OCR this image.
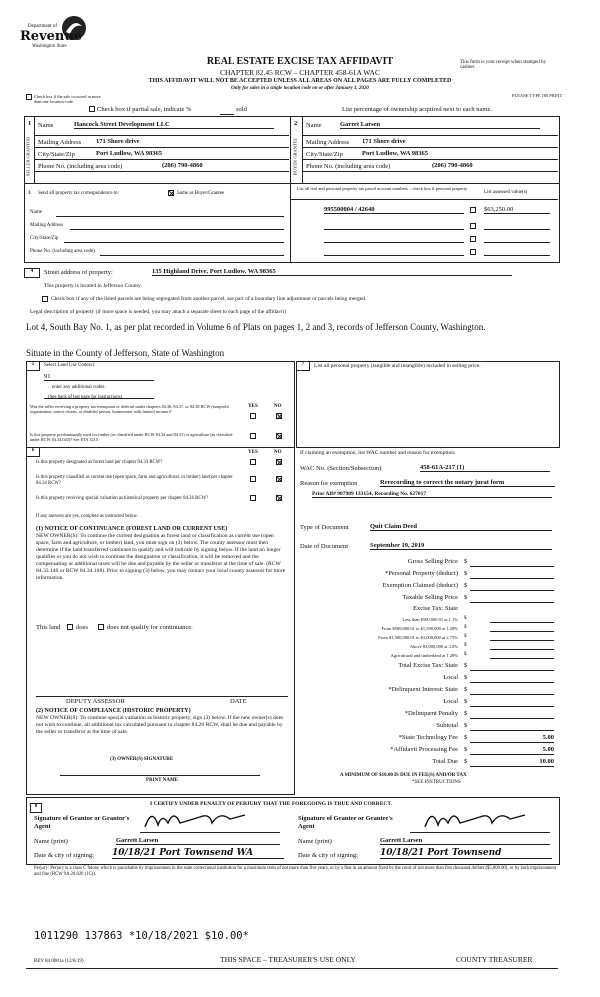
Department of
Revenue
Washington State
REAL ESTATE EXCISE TAX AFFIDAVIT
CHAPTER 82.45 RCW – CHAPTER 458-61A WAC
THIS AFFIDAVIT WILL NOT BE ACCEPTED UNLESS ALL AREAS ON ALL PAGES ARE FULLY COMPLETED
Only for sales in a single location code on or after January 1, 2020
This form is your receipt when stamped by cashier.
PLEASE TYPE OR PRINT
Check box if the sale occurred in more than one location code.
Check box if partial sale, indicate %	sold	List percentage of ownership acquired next to each name.
1	2
SELLER GRANTOR	BUYER GRANTEE
Name	Hancock Street Development LLC
Mailing Address 171 Shore drive
City/State/Zip	Port Ludlow, WA 98365
Phone No. (including area code)	(206) 790-4860
Name	Garret Larsen
Mailing Address 171 Shore drive
City/State/Zip	Port Ludlow, WA 98365
Phone No. (including area code)	(206) 790-4860
3 Send all property tax correspondence to:	Same as Buyer/Grantee
Name
Mailing Address
City/State/Zip
Phone No. (including area code)
List all real and personal property tax parcel account numbers – check box if personal property
List assessed value(s)
995500004 / 42640	$63,250.00
4	Street address of property:	135 Highland Drive, Port Ludlow, WA 98365
This property is located in Jefferson County
Check box if any of the listed parcels are being segregated from another parcel, are part of a boundary line adjustment or parcels being merged.
Legal description of property (if more space is needed, you may attach a separate sheet to each page of the affidavit)
Lot 4, South Bay No. 1, as per plat recorded in Volume 6 of Plats on pages 1, 2 and 3, records of Jefferson County, Washington.
Situate in the County of Jefferson, State of Washington
5	Select Land Use Code(s):
91
enter any additional codes:
(See back of last page for instructions)
YES	NO
Was the seller receiving a property tax exemption or deferral under chapters 84.36, 84.37, or 84.38 RCW (nonprofit organization, senior citizen, or disabled person, homeowner with limited income)?
Is this property predominantly used for timber (as classified under RCW 84.34 and 84.33) or agriculture (as classified under RCW 84.34.020)? See ETA 3215
6	YES	NO
Is this property designated as forest land per chapter 84.33 RCW?
Is this property classified as current use (open space, farm and agricultural, or timber) land per chapter 84.34 RCW?
Is this property receiving special valuation as historical property per chapter 84.26 RCW?
If any answers are yes, complete as instructed below.
(1) NOTICE OF CONTINUANCE (FOREST LAND OR CURRENT USE)
NEW OWNER(S): To continue the current designation as forest land or classification as current use (open space, farm and agriculture, or timber) land, you must sign on (3) below. The county assessor must then determine if the land transferred continues to qualify and will indicate by signing below. If the land no longer qualifies or you do not wish to continue the designation or classification, it will be removed and the compensating or additional taxes will be due and payable by the seller or transferor at the time of sale. (RCW 84.33.140 or RCW 84.34.108). Prior to signing (3) below, you may contact your local county assessor for more information.
This land does	does not qualify for continuance.
DEPUTY ASSESSOR	DATE
(2) NOTICE OF COMPLIANCE (HISTORIC PROPERTY)
NEW OWNER(S): To continue special valuation as historic property, sign (3) below. If the new owner(s) does not wish to continue, all additional tax calculated pursuant to chapter 84.26 RCW, shall be due and payable by the seller or transferor at the time of sale.
(3) OWNER(S) SIGNATURE
PRINT NAME
7	List all personal property (tangible and intangible) included in selling price.
If claiming an exemption, list WAC number and reason for exemption:
WAC No. (Section/Subsection)	458-61A-217 (1)
Reason for exemption	Rerecording to correct the notary jurat form
Prior Aff# 907909 133154, Recording No. 627017
Type of Document	Quit Claim Deed
Date of Document	September 19, 2019
Gross Selling Price $
*Personal Property (deduct) $
Exemption Claimed (deduct) $
Taxable Selling Price $
Excise Tax: State
Less than $500,000.01 at 1.1% $
From $500,000.01 to $1,500,000 at 1.28% $
From $1,500,000.01 to $3,000,000 at 2.75% $
Above $3,000,000 at 3.0% $
Agricultural and timberland at 1.28% $
Total Excise Tax: State $
Local $
*Delinquent Interest: State $
Local $
*Delinquent Penalty $
Subtotal $
*State Technology Fee $	5.00
*Affidavit Processing Fee $	5.00
Total Due $	10.00
A MINIMUM OF $10.00 IS DUE IN FEE(S) AND/OR TAX
*SEE INSTRUCTIONS
8	I CERTIFY UNDER PENALTY OF PERJURY THAT THE FOREGOING IS TRUE AND CORRECT.
Signature of Grantor or Grantor's Agent
Signature of Grantee or Grantee's Agent
Name (print)	Garrett Larsen	Name (print)	Garrett Larsen
Date & city of signing: 10/18/21 Port Townsend WA	Date & city of signing: 10/18/21 Port Townsend
Perjury: Perjury is a class C felony which is punishable by imprisonment in the state correctional institution for a maximum term of not more than five years, or by a fine in an amount fixed by the court of not more than five thousand dollars ($5,000.00), or by both imprisonment and fine (RCW 9A.20.020 (1C)).
1011290 137863 *10/18/2021 $10.00*
REV 84 0001a (12/6/19)	THIS SPACE – TREASURER'S USE ONLY	COUNTY TREASURER
